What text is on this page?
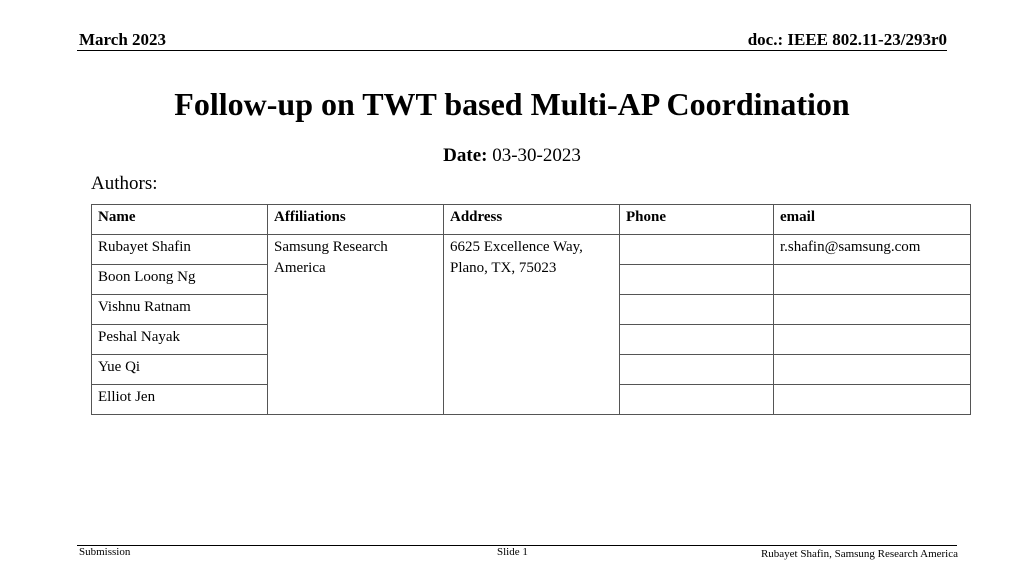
March 2023	doc.: IEEE 802.11-23/293r0
Follow-up on TWT based Multi-AP Coordination
Date: 03-30-2023
Authors:
Name	Affiliations	Address	Phone	email
Rubayet Shafin	Samsung Research America	6625 Excellence Way, Plano, TX, 75023		r.shafin@samsung.com
Boon Loong Ng				
Vishnu Ratnam				
Peshal Nayak				
Yue Qi				
Elliot Jen				
Submission	Slide 1	Rubayet Shafin, Samsung Research America
